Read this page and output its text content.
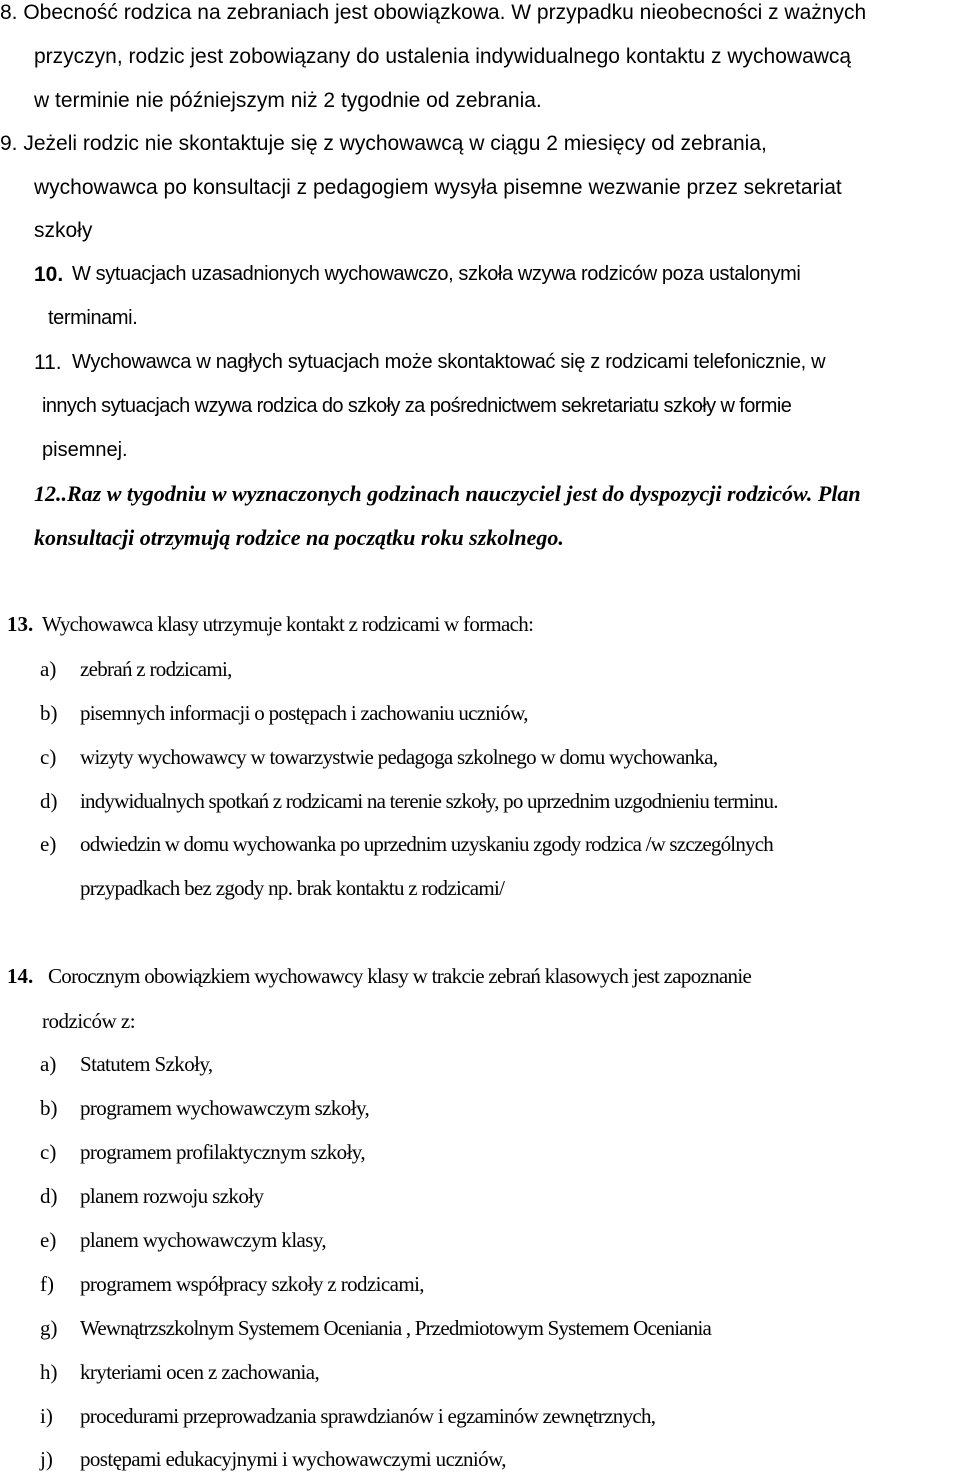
8. Obecność rodzica na zebraniach jest obowiązkowa. W przypadku nieobecności z ważnych
przyczyn, rodzic jest zobowiązany do ustalenia indywidualnego kontaktu z wychowawcą
w terminie nie późniejszym niż 2 tygodnie od zebrania.
9. Jeżeli rodzic nie skontaktuje się z wychowawcą w ciągu 2 miesięcy od zebrania,
wychowawca po konsultacji z pedagogiem wysyła pisemne wezwanie przez sekretariat
szkoły
10. W sytuacjach uzasadnionych wychowawczo, szkoła wzywa rodziców poza ustalonymi
terminami.
11. Wychowawca w nagłych sytuacjach może skontaktować się z rodzicami telefonicznie, w
innych sytuacjach wzywa rodzica do szkoły za pośrednictwem sekretariatu szkoły w formie
pisemnej.
12..Raz w tygodniu w wyznaczonych godzinach nauczyciel jest do dyspozycji rodziców. Plan
konsultacji otrzymują rodzice na początku roku szkolnego.
13. Wychowawca klasy utrzymuje kontakt z rodzicami w formach:
a) zebrań z rodzicami,
b) pisemnych informacji o postępach i zachowaniu uczniów,
c) wizyty wychowawcy w towarzystwie pedagoga szkolnego w domu wychowanka,
d) indywidualnych spotkań z rodzicami na terenie szkoły, po uprzednim uzgodnieniu terminu.
e) odwiedzin w domu wychowanka po uprzednim uzyskaniu zgody rodzica /w szczególnych
przypadkach bez zgody np. brak kontaktu z rodzicami/
14. Corocznym obowiązkiem wychowawcy klasy w trakcie zebrań klasowych jest zapoznanie
rodziców z:
a) Statutem Szkoły,
b) programem wychowawczym szkoły,
c) programem profilaktycznym szkoły,
d) planem rozwoju szkoły
e) planem wychowawczym klasy,
f) programem współpracy szkoły z rodzicami,
g) Wewnątrzszkolnym Systemem Oceniania , Przedmiotowym Systemem Oceniania
h) kryteriami ocen z zachowania,
i) procedurami przeprowadzania sprawdzianów i egzaminów zewnętrznych,
j) postępami edukacyjnymi i wychowawczymi uczniów,
